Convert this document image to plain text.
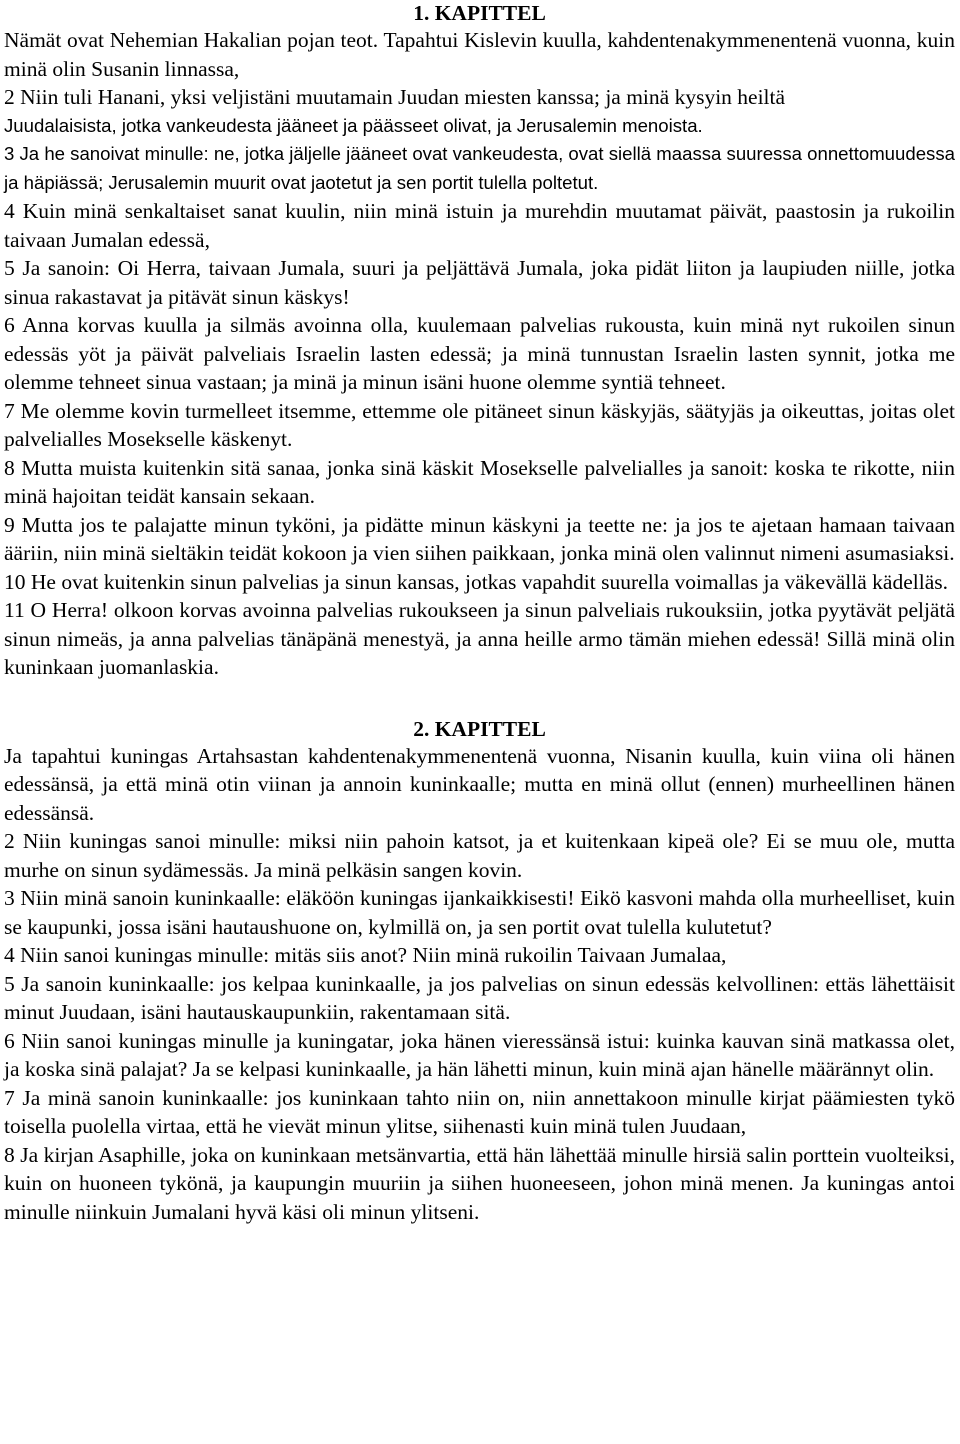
1. KAPITTEL

Nämät ovat Nehemian Hakalian pojan teot. Tapahtui Kislevin kuulla, kahdentenakymmenentenä vuonna, kuin minä olin Susanin linnassa,

2 Niin tuli Hanani, yksi veljistäni muutamain Juudan miesten kanssa; ja minä kysyin heiltä

Juudalaisista, jotka vankeudesta jääneet ja päässeet olivat, ja Jerusalemin menoista.

3 Ja he sanoivat minulle: ne, jotka jäljelle jääneet ovat vankeudesta, ovat siellä maassa suuressa onnettomuudessa ja häpiässä; Jerusalemin muurit ovat jaotetut ja sen portit tulella poltetut.

4 Kuin minä senkaltaiset sanat kuulin, niin minä istuin ja murehdin muutamat päivät, paastosin ja rukoilin taivaan Jumalan edessä,

5 Ja sanoin: Oi Herra, taivaan Jumala, suuri ja peljättävä Jumala, joka pidät liiton ja laupiuden niille, jotka sinua rakastavat ja pitävät sinun käskys!

6 Anna korvas kuulla ja silmäs avoinna olla, kuulemaan palvelias rukousta, kuin minä nyt rukoilen sinun edessäs yöt ja päivät palveliais Israelin lasten edessä; ja minä tunnustan Israelin lasten synnit, jotka me olemme tehneet sinua vastaan; ja minä ja minun isäni huone olemme syntiä tehneet.

7 Me olemme kovin turmelleet itsemme, ettemme ole pitäneet sinun käskyjäs, säätyjäs ja oikeuttas, joitas olet palvelialles Mosekselle käskenyt.

8 Mutta muista kuitenkin sitä sanaa, jonka sinä käskit Mosekselle palvelialles ja sanoit: koska te rikotte, niin minä hajoitan teidät kansain sekaan.

9 Mutta jos te palajatte minun tyköni, ja pidätte minun käskyni ja teette ne: ja jos te ajetaan hamaan taivaan ääriin, niin minä sieltäkin teidät kokoon ja vien siihen paikkaan, jonka minä olen valinnut nimeni asumasiaksi.

10 He ovat kuitenkin sinun palvelias ja sinun kansas, jotkas vapahdit suurella voimallas ja väkevällä kädelläs.

11 O Herra! olkoon korvas avoinna palvelias rukoukseen ja sinun palveliais rukouksiin, jotka pyytävät peljätä sinun nimeäs, ja anna palvelias tänäpänä menestyä, ja anna heille armo tämän miehen edessä! Sillä minä olin kuninkaan juomanlaskia.

2. KAPITTEL

Ja tapahtui kuningas Artahsastan kahdentenakymmenentenä vuonna, Nisanin kuulla, kuin viina oli hänen edessänsä, ja että minä otin viinan ja annoin kuninkaalle; mutta en minä ollut (ennen) murheellinen hänen edessänsä.

2 Niin kuningas sanoi minulle: miksi niin pahoin katsot, ja et kuitenkaan kipeä ole? Ei se muu ole, mutta murhe on sinun sydämessäs. Ja minä pelkäsin sangen kovin.

3 Niin minä sanoin kuninkaalle: eläköön kuningas ijankaikkisesti! Eikö kasvoni mahda olla murheelliset, kuin se kaupunki, jossa isäni hautaushuone on, kylmillä on, ja sen portit ovat tulella kulutetut?

4 Niin sanoi kuningas minulle: mitäs siis anot? Niin minä rukoilin Taivaan Jumalaa,

5 Ja sanoin kuninkaalle: jos kelpaa kuninkaalle, ja jos palvelias on sinun edessäs kelvollinen: ettäs lähettäisit minut Juudaan, isäni hautauskaupunkiin, rakentamaan sitä.

6 Niin sanoi kuningas minulle ja kuningatar, joka hänen vieressänsä istui: kuinka kauvan sinä matkassa olet, ja koska sinä palajat? Ja se kelpasi kuninkaalle, ja hän lähetti minun, kuin minä ajan hänelle määrännyt olin.

7 Ja minä sanoin kuninkaalle: jos kuninkaan tahto niin on, niin annettakoon minulle kirjat päämiesten tykö toisella puolella virtaa, että he vievät minun ylitse, siihenasti kuin minä tulen Juudaan,

8 Ja kirjan Asaphille, joka on kuninkaan metsänvartia, että hän lähettää minulle hirsiä salin porttein vuolteiksi, kuin on huoneen tykönä, ja kaupungin muuriin ja siihen huoneeseen, johon minä menen. Ja kuningas antoi minulle niinkuin Jumalani hyvä käsi oli minun ylitseni.
